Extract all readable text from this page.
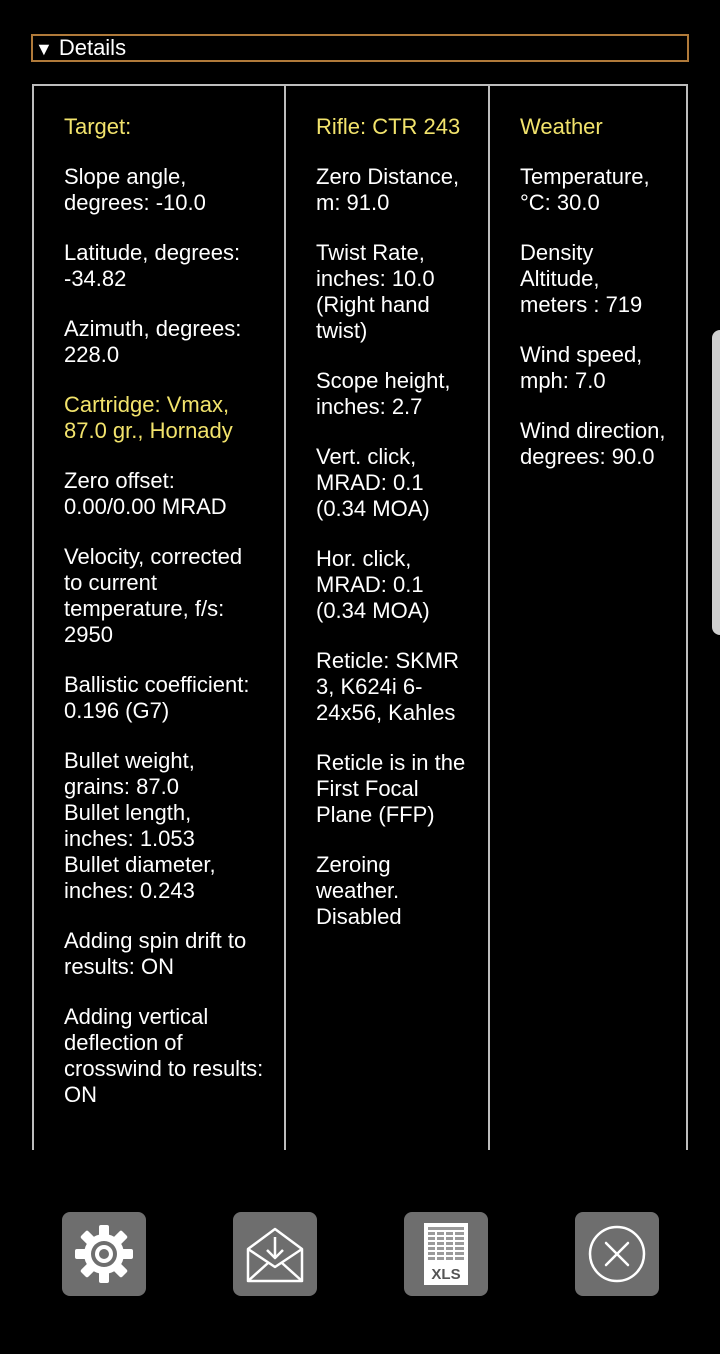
▼ Details
Target:
Slope angle, degrees: -10.0
Latitude, degrees: -34.82
Azimuth, degrees: 228.0
Cartridge: Vmax, 87.0 gr., Hornady
Zero offset: 0.00/0.00 MRAD
Velocity, corrected to current temperature, f/s: 2950
Ballistic coefficient: 0.196 (G7)
Bullet weight, grains: 87.0
Bullet length, inches: 1.053
Bullet diameter, inches: 0.243
Adding spin drift to results: ON
Adding vertical deflection of crosswind to results: ON
Rifle: CTR 243
Zero Distance, m: 91.0
Twist Rate, inches: 10.0 (Right hand twist)
Scope height, inches: 2.7
Vert. click, MRAD: 0.1 (0.34 MOA)
Hor. click, MRAD: 0.1 (0.34 MOA)
Reticle: SKMR 3, K624i 6-24x56, Kahles
Reticle is in the First Focal Plane (FFP)
Zeroing weather. Disabled
Weather
Temperature, °C: 30.0
Density Altitude, meters : 719
Wind speed, mph: 7.0
Wind direction, degrees: 90.0
XLS
